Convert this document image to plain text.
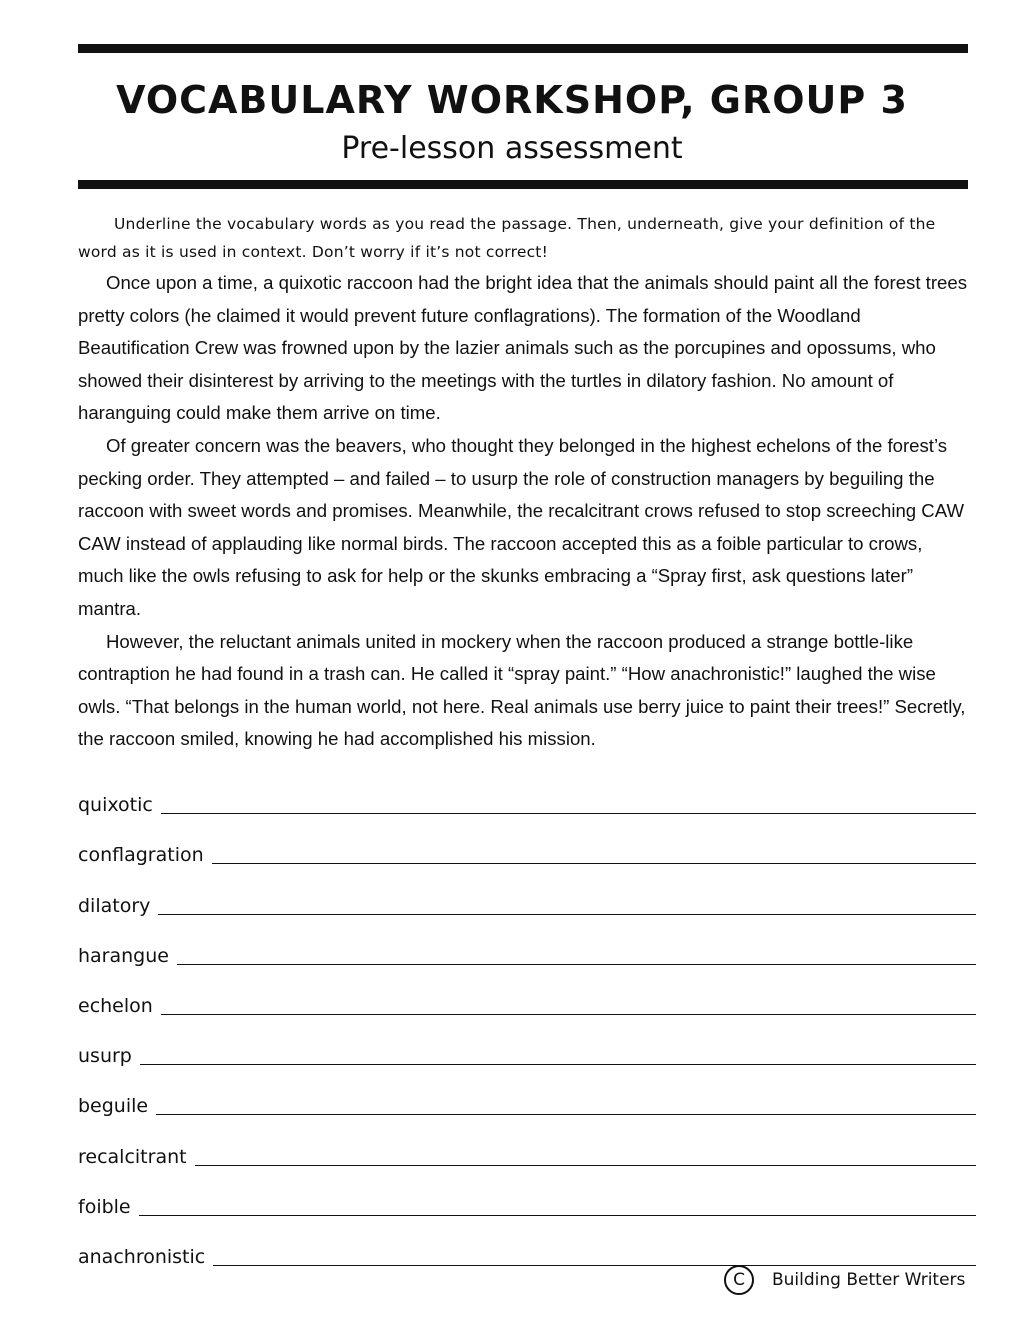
VOCABULARY WORKSHOP, GROUP 3
Pre-lesson assessment
Underline the vocabulary words as you read the passage. Then, underneath, give your definition of the word as it is used in context. Don’t worry if it’s not correct!

Once upon a time, a quixotic raccoon had the bright idea that the animals should paint all the forest trees pretty colors (he claimed it would prevent future conflagrations). The formation of the Woodland Beautification Crew was frowned upon by the lazier animals such as the porcupines and opossums, who showed their disinterest by arriving to the meetings with the turtles in dilatory fashion. No amount of haranguing could make them arrive on time.

Of greater concern was the beavers, who thought they belonged in the highest echelons of the forest’s pecking order. They attempted – and failed – to usurp the role of construction managers by beguiling the raccoon with sweet words and promises. Meanwhile, the recalcitrant crows refused to stop screeching CAW CAW instead of applauding like normal birds. The raccoon accepted this as a foible particular to crows, much like the owls refusing to ask for help or the skunks embracing a “Spray first, ask questions later” mantra.

However, the reluctant animals united in mockery when the raccoon produced a strange bottle-like contraption he had found in a trash can. He called it “spray paint.” “How anachronistic!” laughed the wise owls. “That belongs in the human world, not here. Real animals use berry juice to paint their trees!” Secretly, the raccoon smiled, knowing he had accomplished his mission.

quixotic
conflagration
dilatory
harangue
echelon
usurp
beguile
recalcitrant
foible
anachronistic
C	Building Better Writers
